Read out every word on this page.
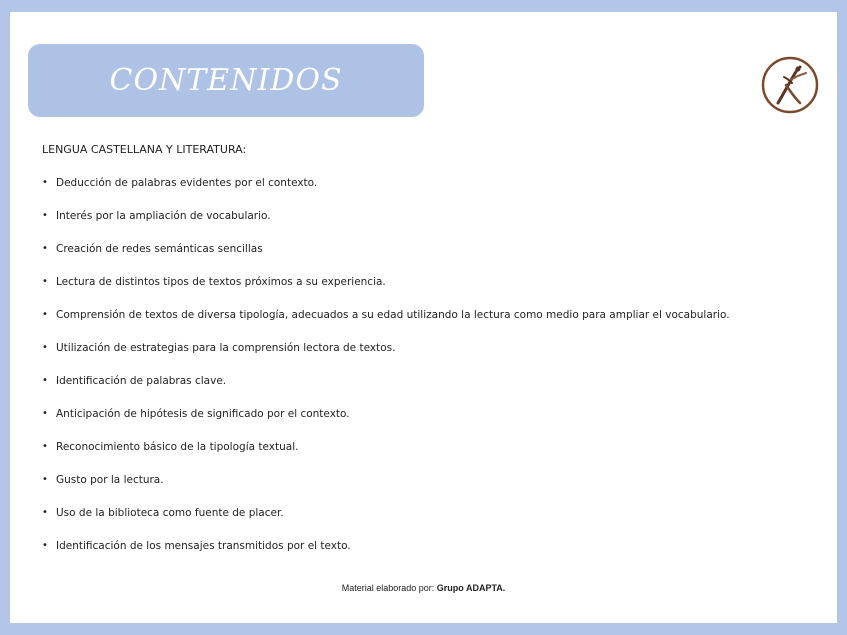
CONTENIDOS
LENGUA CASTELLANA Y LITERATURA:
• Deducción de palabras evidentes por el contexto.
• Interés por la ampliación de vocabulario.
• Creación de redes semánticas sencillas
• Lectura de distintos tipos de textos próximos a su experiencia.
• Comprensión de textos de diversa tipología, adecuados a su edad utilizando la lectura como medio para ampliar el vocabulario.
• Utilización de estrategias para la comprensión lectora de textos.
• Identificación de palabras clave.
• Anticipación de hipótesis de significado por el contexto.
• Reconocimiento básico de la tipología textual.
• Gusto por la lectura.
• Uso de la biblioteca como fuente de placer.
• Identificación de los mensajes transmitidos por el texto.
Material elaborado por: Grupo ADAPTA.
